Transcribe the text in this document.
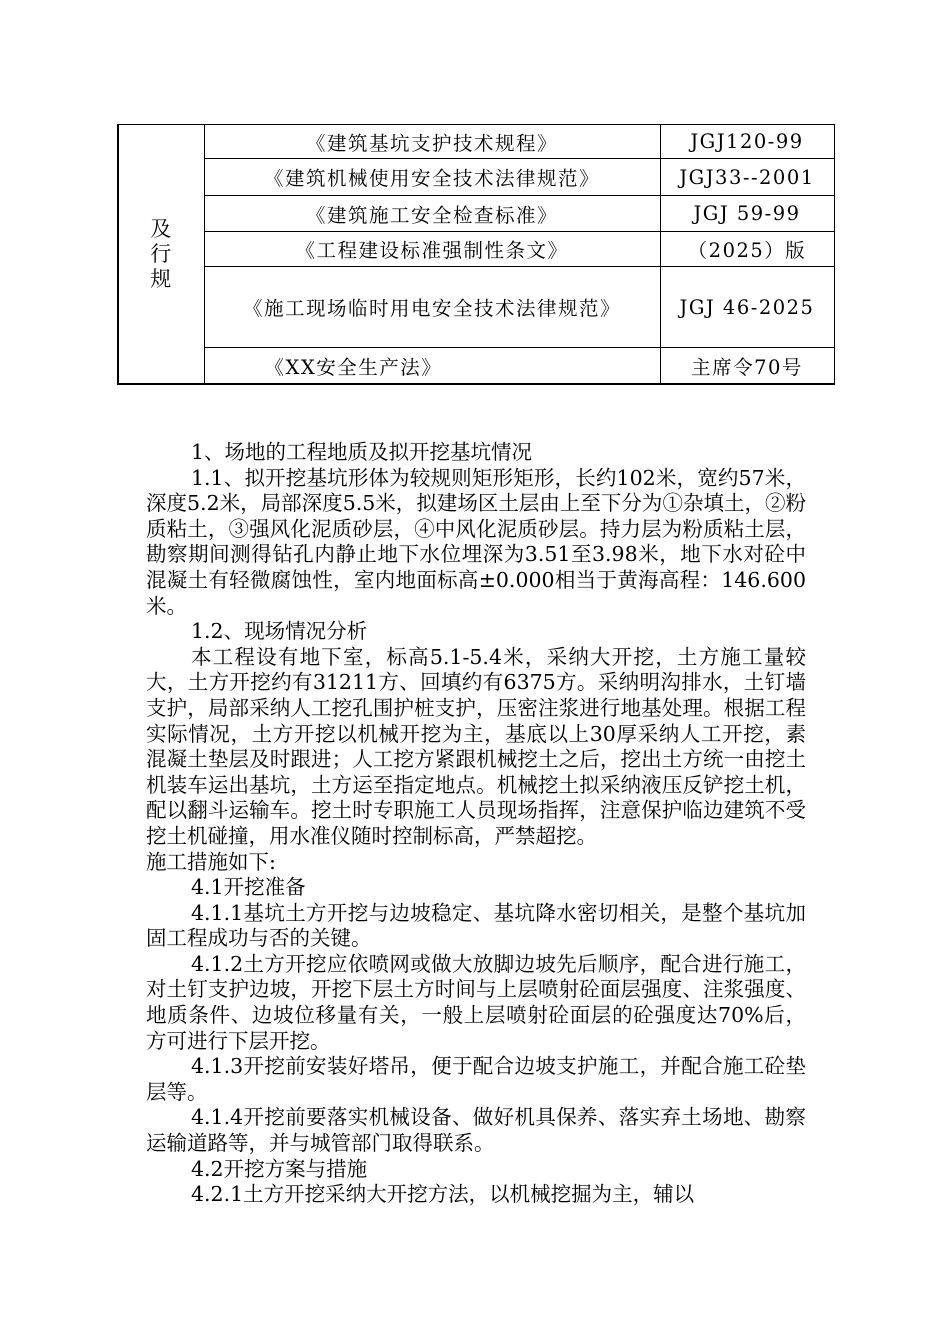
及行规	《建筑基坑支护技术规程》	JGJ120-99
	《建筑机械使用安全技术法律规范》	JGJ33--2001
	《建筑施工安全检查标准》	JGJ 59-99
	《工程建设标准强制性条文》	（2025）版
	《施工现场临时用电安全技术法律规范》	JGJ 46-2025
	《XX安全生产法》	主席令70号

1、场地的工程地质及拟开挖基坑情况

1.1、拟开挖基坑形体为较规则矩形矩形，长约102米，宽约57米，深度5.2米，局部深度5.5米，拟建场区土层由上至下分为①杂填土，②粉质粘土，③强风化泥质砂层，④中风化泥质砂层。持力层为粉质粘土层，勘察期间测得钻孔内静止地下水位埋深为3.51至3.98米，地下水对砼中混凝土有轻微腐蚀性，室内地面标高±0.000相当于黄海高程：146.600米。

1.2、现场情况分析

本工程设有地下室，标高5.1-5.4米，采纳大开挖，土方施工量较大，土方开挖约有31211方、回填约有6375方。采纳明沟排水，土钉墙支护，局部采纳人工挖孔围护桩支护，压密注浆进行地基处理。根据工程实际情况，土方开挖以机械开挖为主，基底以上30厚采纳人工开挖，素混凝土垫层及时跟进；人工挖方紧跟机械挖土之后，挖出土方统一由挖土机装车运出基坑，土方运至指定地点。机械挖土拟采纳液压反铲挖土机，配以翻斗运输车。挖土时专职施工人员现场指挥，注意保护临边建筑不受挖土机碰撞，用水准仪随时控制标高，严禁超挖。

施工措施如下:

4.1开挖准备

4.1.1基坑土方开挖与边坡稳定、基坑降水密切相关，是整个基坑加固工程成功与否的关键。

4.1.2土方开挖应依喷网或做大放脚边坡先后顺序，配合进行施工，对土钉支护边坡，开挖下层土方时间与上层喷射砼面层强度、注浆强度、地质条件、边坡位移量有关，一般上层喷射砼面层的砼强度达70%后，方可进行下层开挖。

4.1.3开挖前安装好塔吊，便于配合边坡支护施工，并配合施工砼垫层等。

4.1.4开挖前要落实机械设备、做好机具保养、落实弃土场地、勘察运输道路等，并与城管部门取得联系。

4.2开挖方案与措施

4.2.1土方开挖采纳大开挖方法，以机械挖掘为主，辅以
